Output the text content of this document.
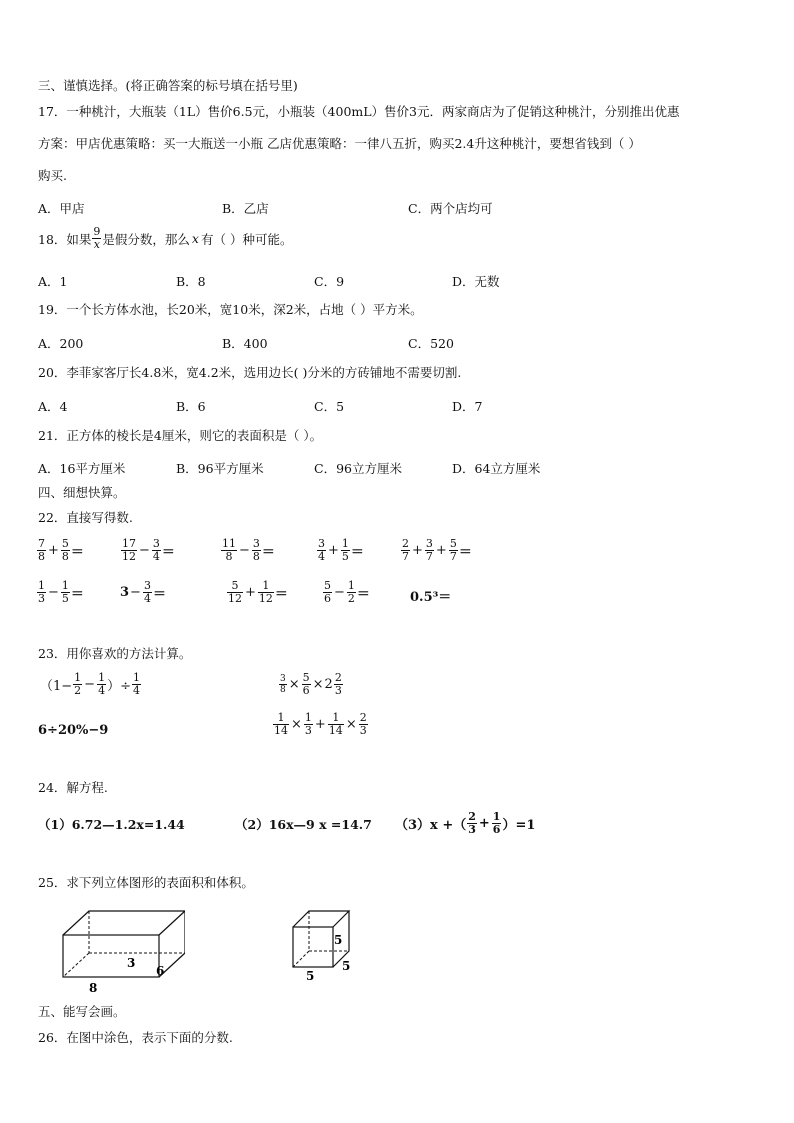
三、谨慎选择。(将正确答案的标号填在括号里)
17．一种桃汁，大瓶装（1L）售价6.5元，小瓶装（400mL）售价3元．两家商店为了促销这种桃汁，分别推出优惠
方案：甲店优惠策略：买一大瓶送一小瓶 乙店优惠策略：一律八五折，购买2.4升这种桃汁，要想省钱到（ ）
购买.
A．甲店	B．乙店	C．两个店均可
18．如果 $\frac{9}{x}$ 是假分数，那么 x 有（ ）种可能。
A．1	B．8	C．9	D．无数
19．一个长方体水池，长20米，宽10米，深2米，占地（ ）平方米。
A．200	B．400	C．520
20．李菲家客厅长4.8米，宽4.2米，选用边长( )分米的方砖铺地不需要切割.
A．4	B．6	C．5	D．7
21．正方体的棱长是4厘米，则它的表面积是（ ）。
A．16平方厘米	B．96平方厘米	C．96立方厘米	D．64立方厘米
四、细想快算。
22．直接写得数.
$\frac{7}{8} + \frac{5}{8}$ ＝	$\frac{17}{12} - \frac{3}{4}$ ＝	$\frac{11}{8} - \frac{3}{8}$ ＝	$\frac{3}{4} + \frac{1}{5}$ ＝	$\frac{2}{7} + \frac{3}{7} + \frac{5}{7}$ ＝
$\frac{1}{3} - \frac{1}{5}$ ＝	$3 - \frac{3}{4}$ ＝	$\frac{5}{12} + \frac{1}{12}$ ＝	$\frac{5}{6} - \frac{1}{2}$ ＝	0.5³＝
23．用你喜欢的方法计算。
（$1- \frac{1}{2} - \frac{1}{4}$ ）÷ $\frac{1}{4}$	$\frac{3}{8} \times \frac{5}{6} \times 2 \frac{2}{3}$
6÷20%−9	$\frac{1}{14} \times \frac{1}{3} + \frac{1}{14} \times \frac{2}{3}$
24．解方程.
（1）6.72—1.2x=1.44	（2）16x—9 x =14.7 （3）x +（ $\frac{2}{3} + \frac{1}{6} )=1$
25．求下列立体图形的表面积和体积。
3
6
8
5
5
5
五、能写会画。
26．在图中涂色，表示下面的分数.
